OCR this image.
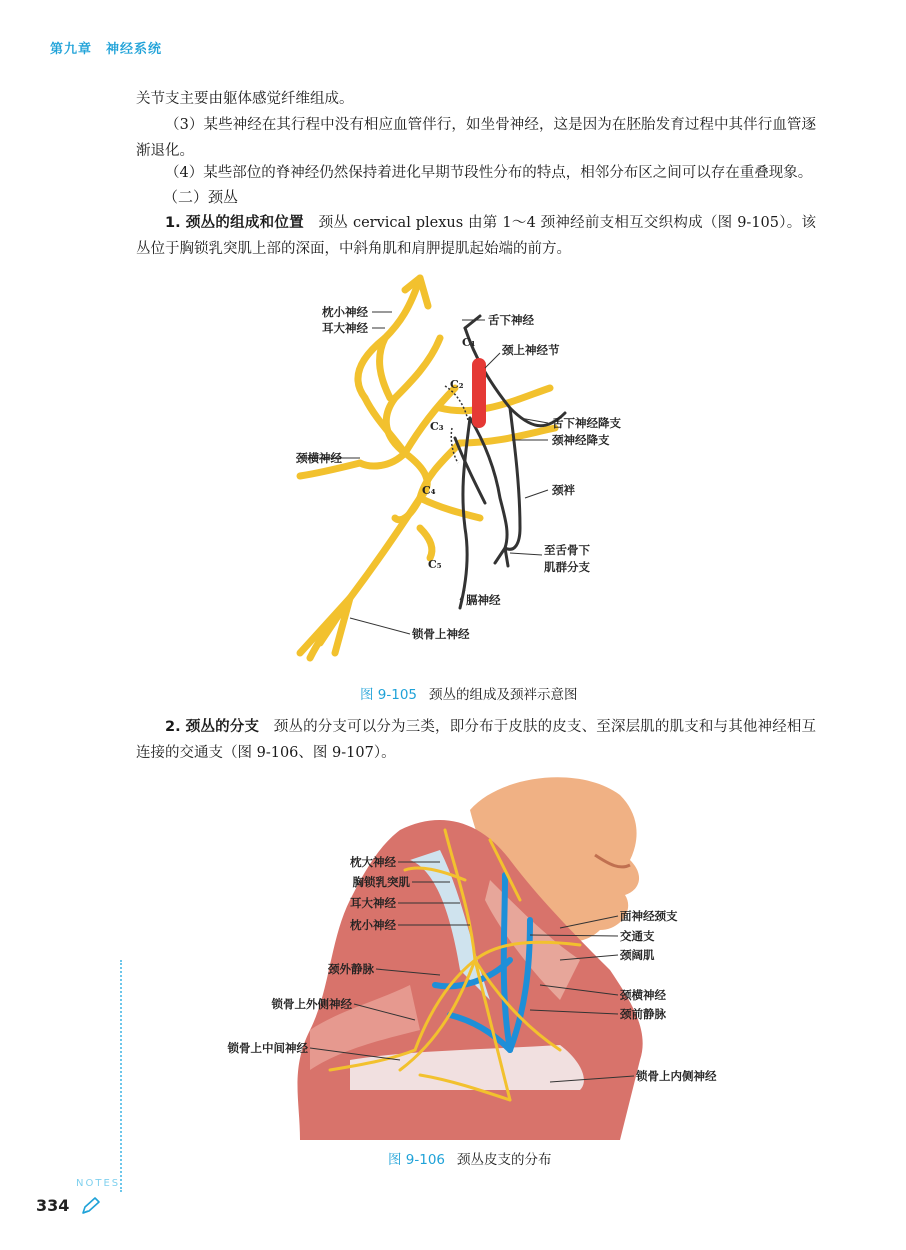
第九章 神经系统
关节支主要由躯体感觉纤维组成。
（3）某些神经在其行程中没有相应血管伴行，如坐骨神经，这是因为在胚胎发育过程中其伴行血管逐渐退化。
（4）某些部位的脊神经仍然保持着进化早期节段性分布的特点，相邻分布区之间可以存在重叠现象。
（二）颈丛
1. 颈丛的组成和位置　 颈丛 cervical plexus 由第 1～4 颈神经前支相互交织构成（图 9-105）。该丛位于胸锁乳突肌上部的深面，中斜角肌和肩胛提肌起始端的前方。
枕小神经
耳大神经
颈横神经
锁骨上神经
舌下神经
颈上神经节
舌下神经降支
颈神经降支
颈袢
至舌骨下
肌群分支
膈神经
C₁
C₂
C₃
C₄
C₅
图 9-105 颈丛的组成及颈袢示意图
2. 颈丛的分支　 颈丛的分支可以分为三类，即分布于皮肤的皮支、至深层肌的肌支和与其他神经相互连接的交通支（图 9-106、图 9-107）。
枕大神经
胸锁乳突肌
耳大神经
枕小神经
颈外静脉
锁骨上外侧神经
锁骨上中间神经
面神经颈支
交通支
颈阔肌
颈横神经
颈前静脉
锁骨上内侧神经
图 9-106 颈丛皮支的分布
NOTES
334
